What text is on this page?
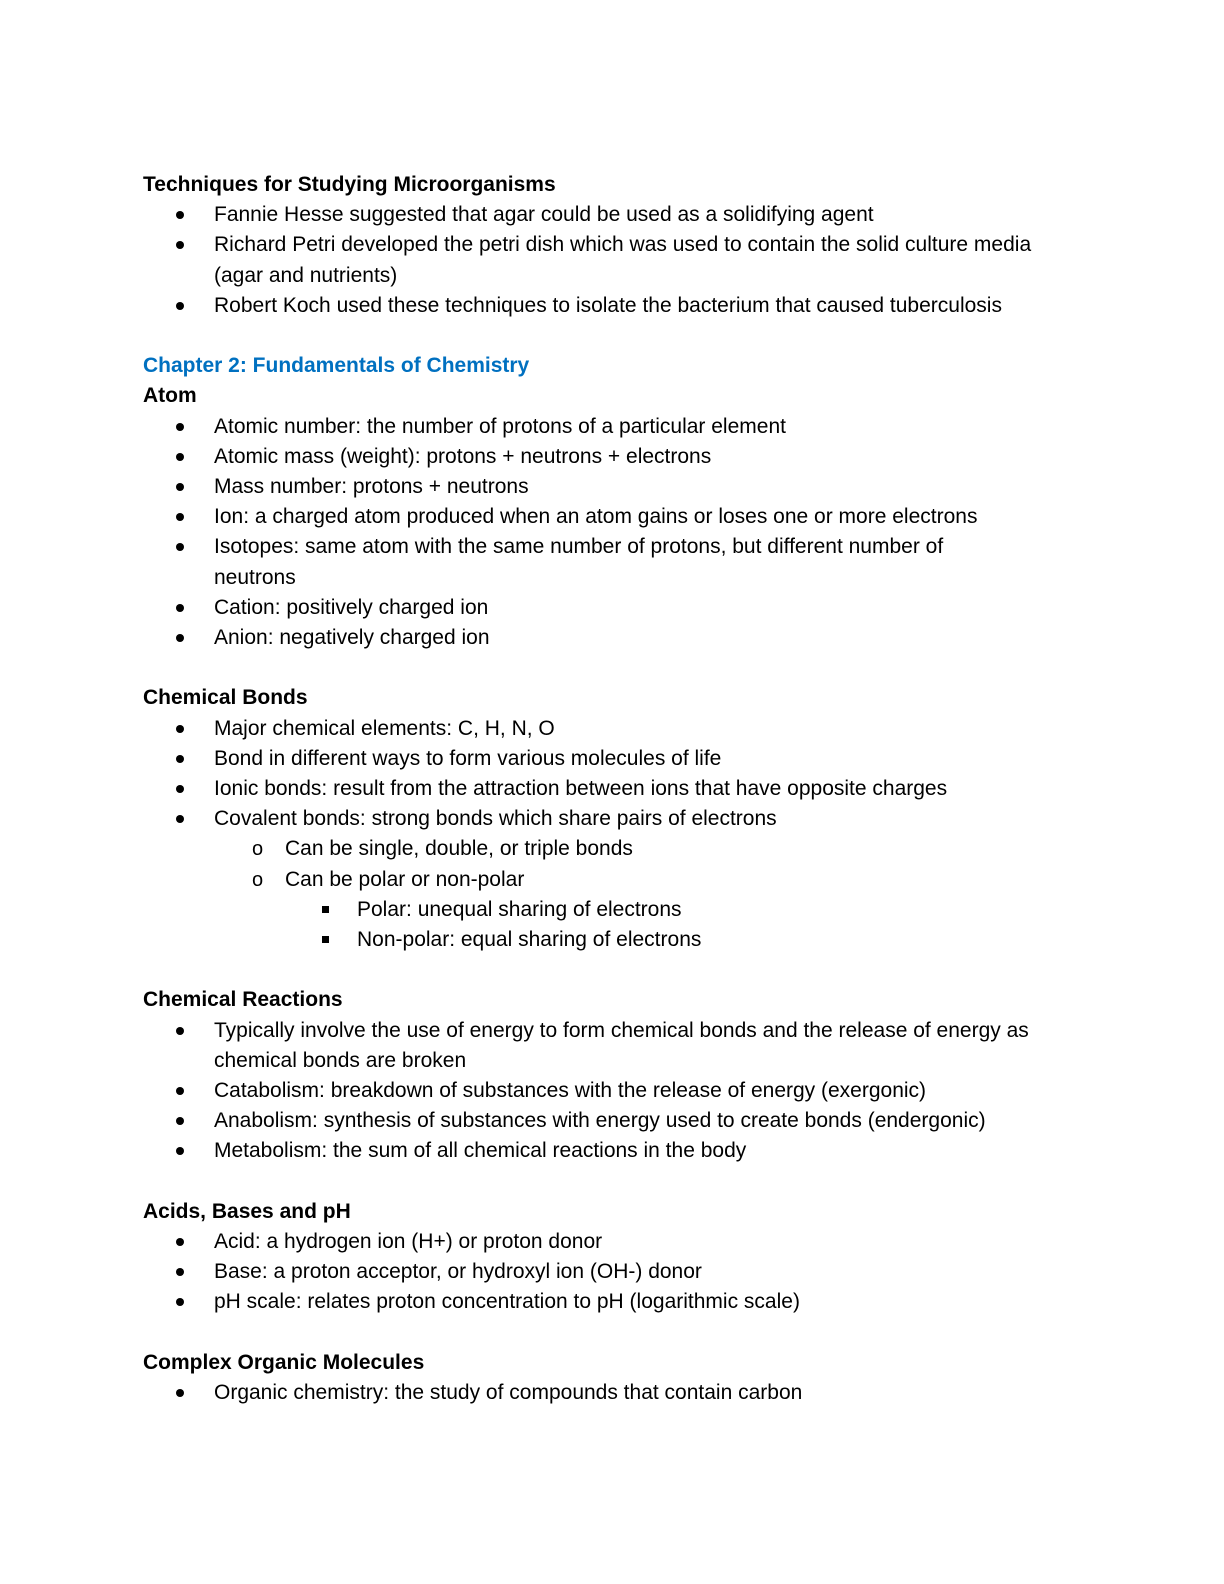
Techniques for Studying Microorganisms

Fannie Hesse suggested that agar could be used as a solidifying agent
Richard Petri developed the petri dish which was used to contain the solid culture media (agar and nutrients)
Robert Koch used these techniques to isolate the bacterium that caused tuberculosis

Chapter 2: Fundamentals of Chemistry

Atom

Atomic number: the number of protons of a particular element
Atomic mass (weight): protons + neutrons + electrons
Mass number: protons + neutrons
Ion: a charged atom produced when an atom gains or loses one or more electrons
Isotopes: same atom with the same number of protons, but different number of neutrons
Cation: positively charged ion
Anion: negatively charged ion

Chemical Bonds

Major chemical elements: C, H, N, O
Bond in different ways to form various molecules of life
Ionic bonds: result from the attraction between ions that have opposite charges
Covalent bonds: strong bonds which share pairs of electrons
o Can be single, double, or triple bonds
o Can be polar or non-polar
Polar: unequal sharing of electrons
Non-polar: equal sharing of electrons

Chemical Reactions

Typically involve the use of energy to form chemical bonds and the release of energy as chemical bonds are broken
Catabolism: breakdown of substances with the release of energy (exergonic)
Anabolism: synthesis of substances with energy used to create bonds (endergonic)
Metabolism: the sum of all chemical reactions in the body

Acids, Bases and pH

Acid: a hydrogen ion (H+) or proton donor
Base: a proton acceptor, or hydroxyl ion (OH-) donor
pH scale: relates proton concentration to pH (logarithmic scale)

Complex Organic Molecules

Organic chemistry: the study of compounds that contain carbon
